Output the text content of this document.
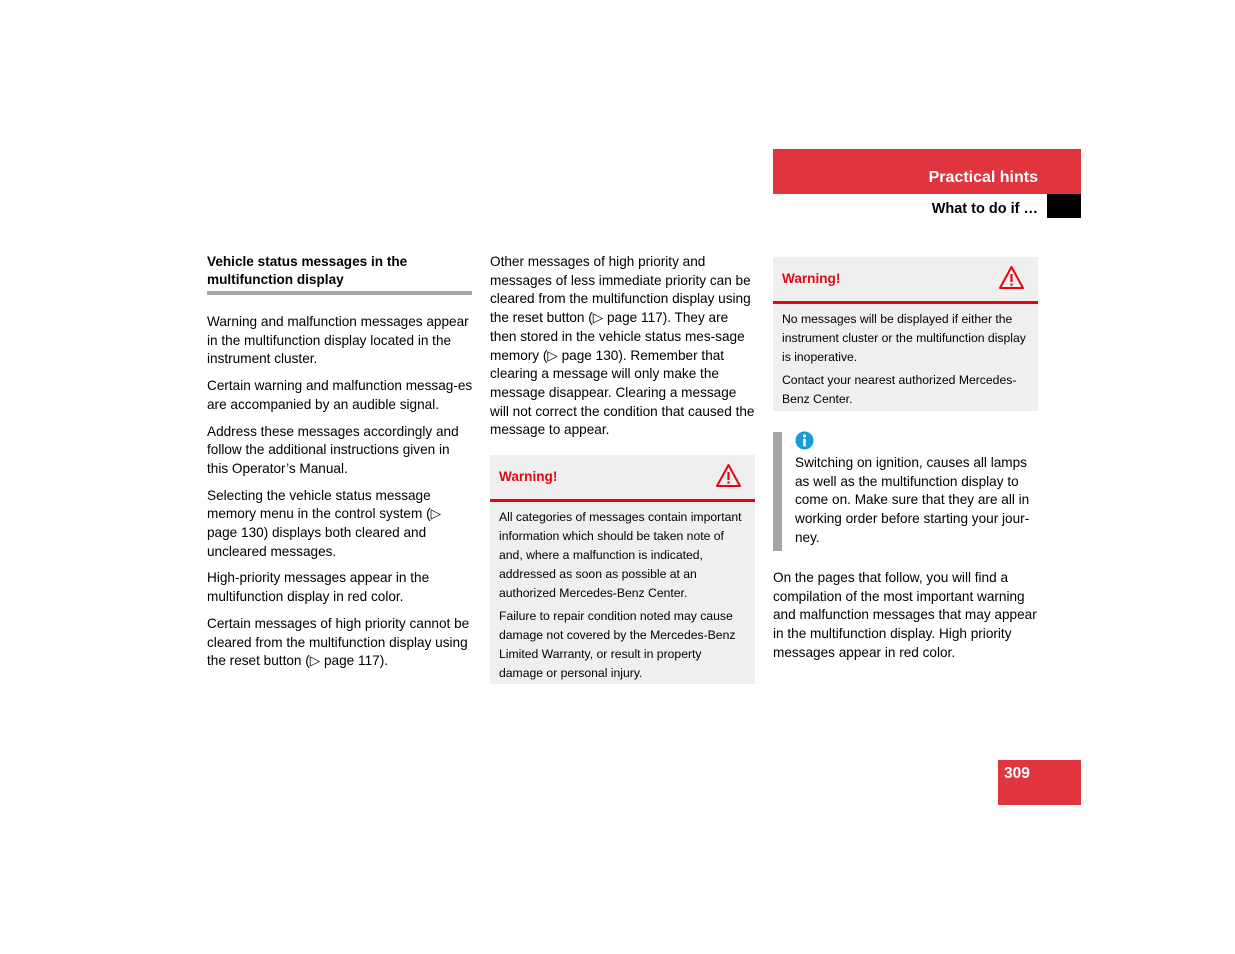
Practical hints
What to do if …

Vehicle status messages in the multifunction display

Warning and malfunction messages appear in the multifunction display located in the instrument cluster.

Certain warning and malfunction messag-es are accompanied by an audible signal.

Address these messages accordingly and follow the additional instructions given in this Operator’s Manual.

Selecting the vehicle status message memory menu in the control system (▷ page 130) displays both cleared and uncleared messages.

High-priority messages appear in the multifunction display in red color.

Certain messages of high priority cannot be cleared from the multifunction display using the reset button (▷ page 117).

Other messages of high priority and messages of less immediate priority can be cleared from the multifunction display using the reset button (▷ page 117). They are then stored in the vehicle status mes-sage memory (▷ page 130). Remember that clearing a message will only make the message disappear. Clearing a message will not correct the condition that caused the message to appear.

Warning!

All categories of messages contain important information which should be taken note of and, where a malfunction is indicated, addressed as soon as possible at an authorized Mercedes-Benz Center.

Failure to repair condition noted may cause damage not covered by the Mercedes-Benz Limited Warranty, or result in property damage or personal injury.

Warning!

No messages will be displayed if either the instrument cluster or the multifunction display is inoperative.

Contact your nearest authorized Mercedes-Benz Center.

Switching on ignition, causes all lamps as well as the multifunction display to come on. Make sure that they are all in working order before starting your jour-ney.

On the pages that follow, you will find a compilation of the most important warning and malfunction messages that may appear in the multifunction display. High priority messages appear in red color.

309
